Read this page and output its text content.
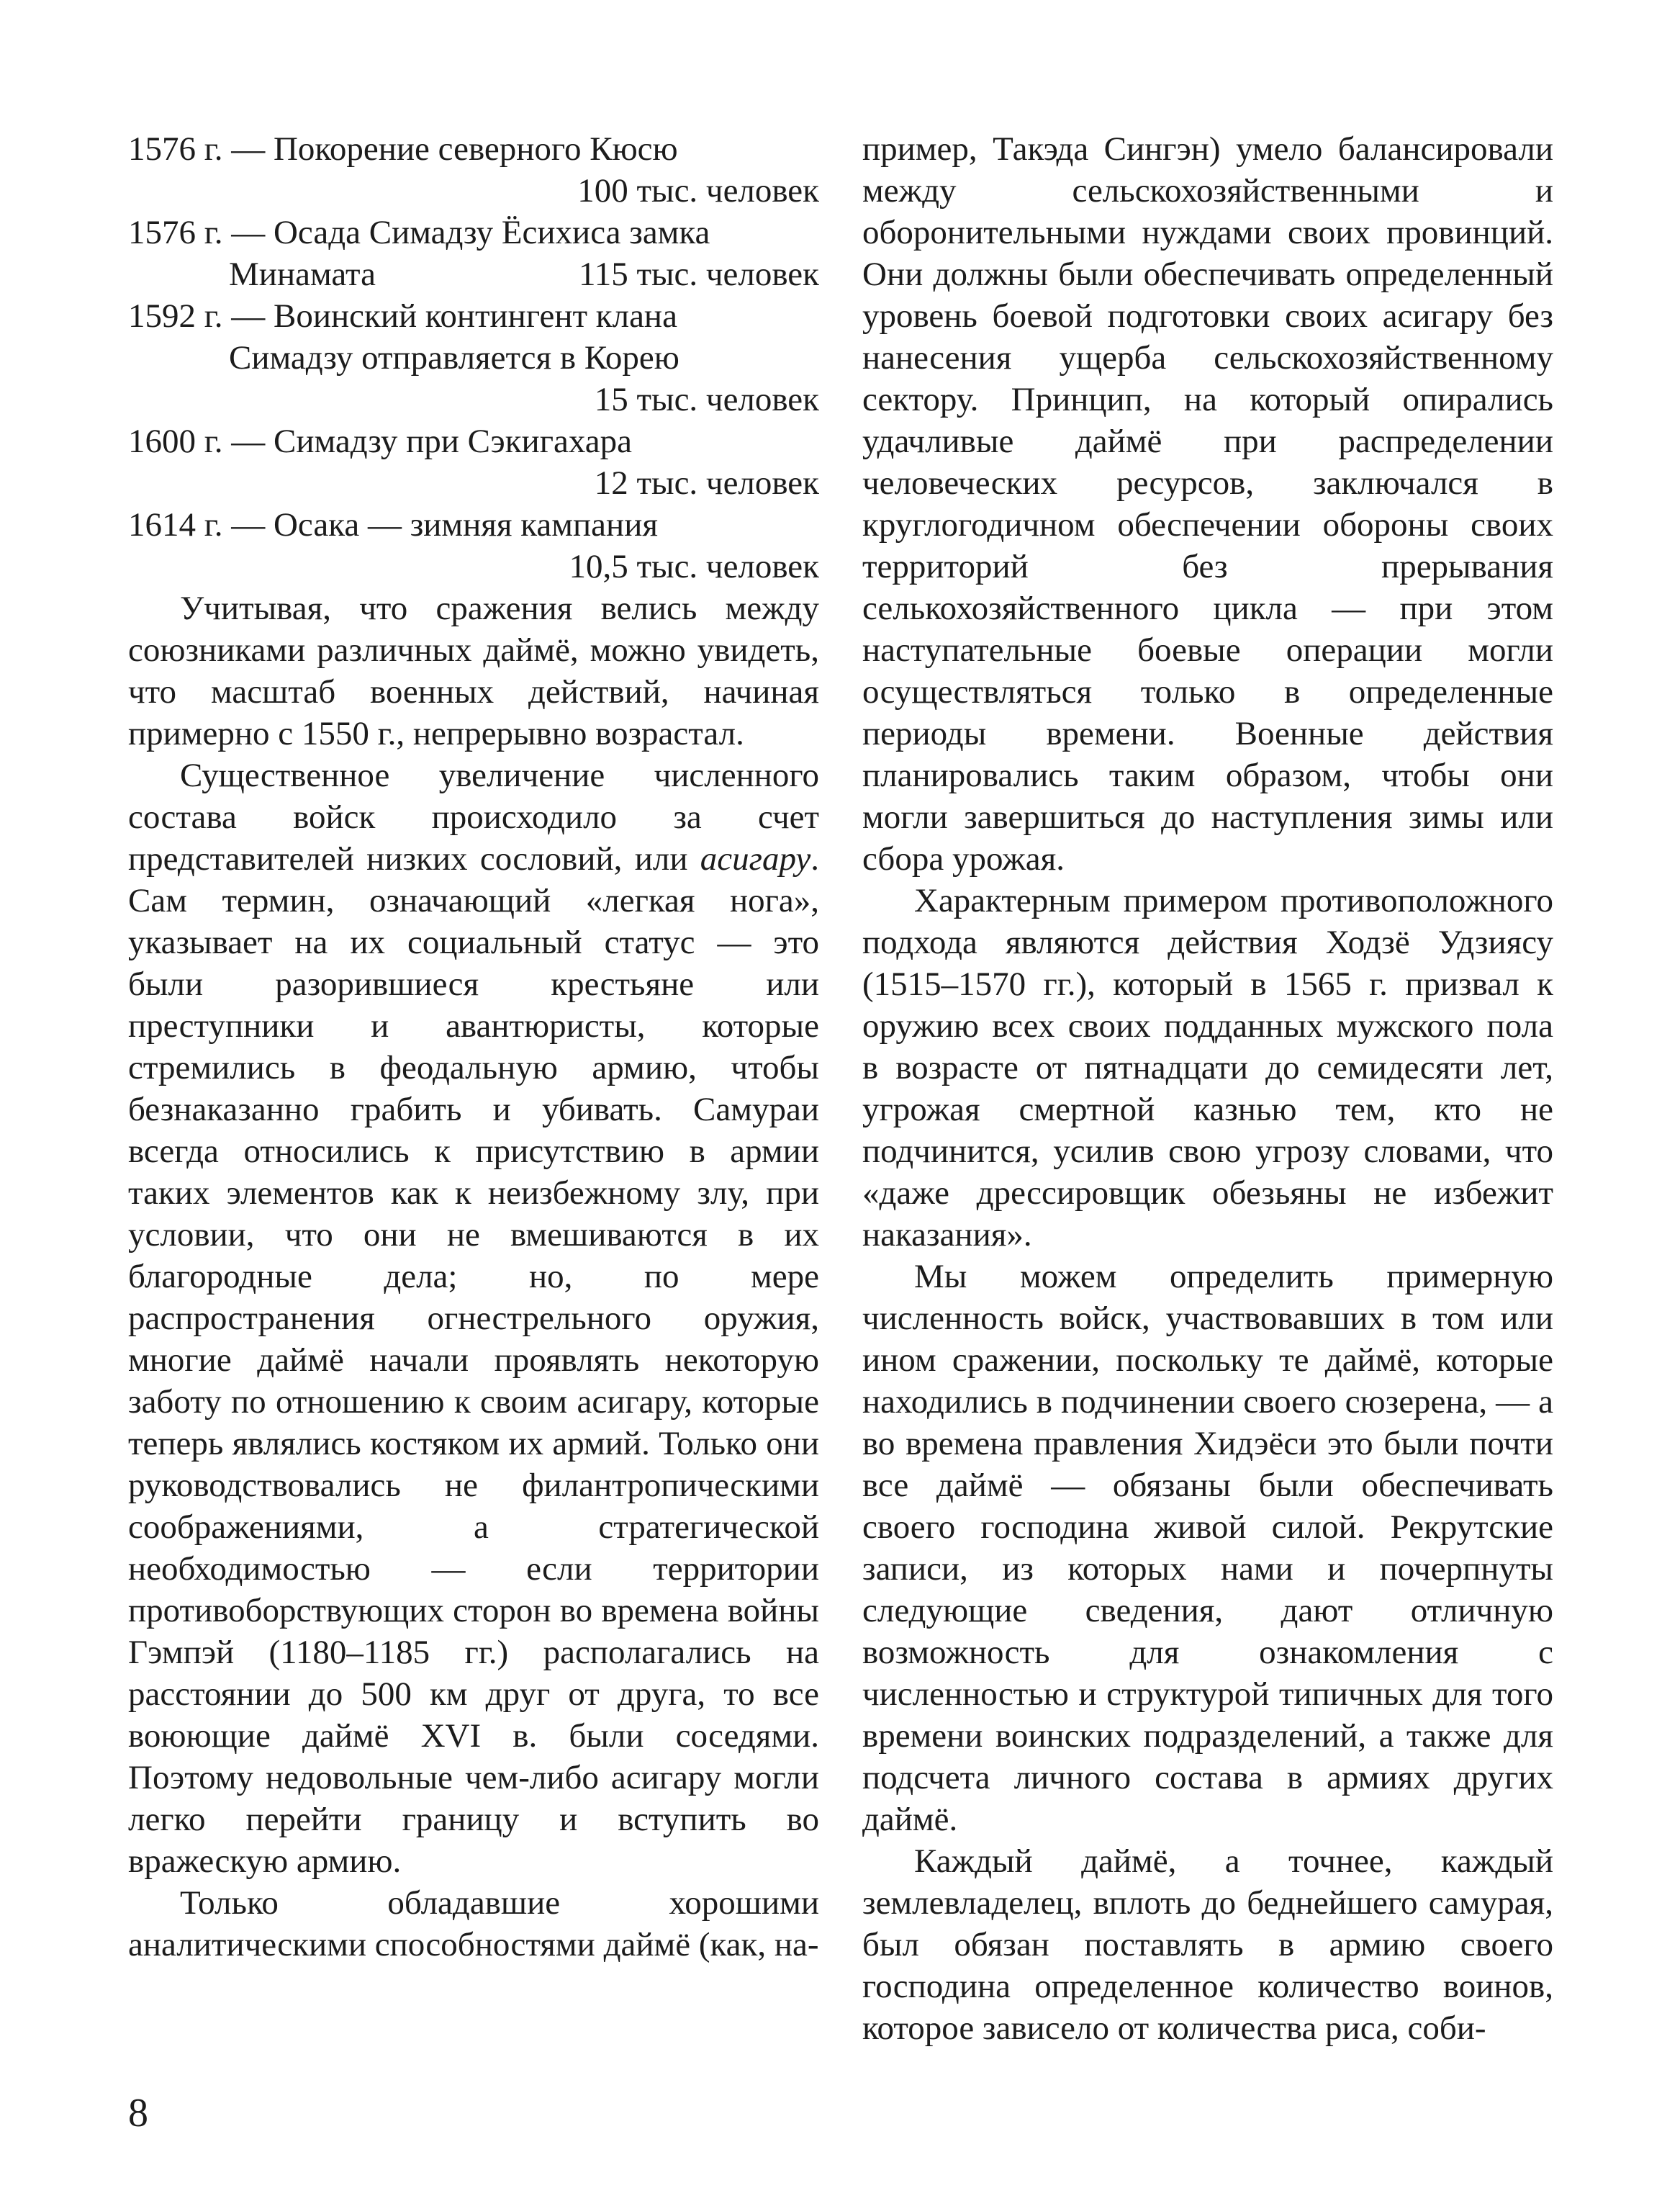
1576 г. — Покорение северного Кюсю
100 тыс. человек
1576 г. — Осада Симадзу Ёсихиса замка
Минамата	115 тыс. человек
1592 г. — Воинский контингент клана
Симадзу отправляется в Корею
15 тыс. человек
1600 г. — Симадзу при Сэкигахара
12 тыс. человек
1614 г. — Осака — зимняя кампания
10,5 тыс. человек

Учитывая, что сражения велись между союзниками различных даймё, можно увидеть, что масштаб военных действий, начиная примерно с 1550 г., непрерывно возрастал.

Существенное увеличение численного состава войск происходило за счет представителей низких сословий, или асигару. Сам термин, означающий «легкая нога», указывает на их социальный статус — это были разорившиеся крестьяне или преступники и авантюристы, которые стремились в феодальную армию, чтобы безнаказанно грабить и убивать. Самураи всегда относились к присутствию в армии таких элементов как к неизбежному злу, при условии, что они не вмешиваются в их благородные дела; но, по мере распространения огнестрельного оружия, многие даймё начали проявлять некоторую заботу по отношению к своим асигару, которые теперь являлись костяком их армий. Только они руководствовались не филантропическими соображениями, а стратегической необходимостью — если территории противоборствующих сторон во времена войны Гэмпэй (1180–1185 гг.) располагались на расстоянии до 500 км друг от друга, то все воюющие даймё XVI в. были соседями. Поэтому недовольные чем-либо асигару могли легко перейти границу и вступить во вражескую армию.

Только обладавшие хорошими аналитическими способностями даймё (как, на-

пример, Такэда Сингэн) умело балансировали между сельскохозяйственными и оборонительными нуждами своих провинций. Они должны были обеспечивать определенный уровень боевой подготовки своих асигару без нанесения ущерба сельскохозяйственному сектору. Принцип, на который опирались удачливые даймё при распределении человеческих ресурсов, заключался в круглогодичном обеспечении обороны своих территорий без прерывания селькохозяйственного цикла — при этом наступательные боевые операции могли осуществляться только в определенные периоды времени. Военные действия планировались таким образом, чтобы они могли завершиться до наступления зимы или сбора урожая.

Характерным примером противоположного подхода являются действия Ходзё Удзиясу (1515–1570 гг.), который в 1565 г. призвал к оружию всех своих подданных мужского пола в возрасте от пятнадцати до семидесяти лет, угрожая смертной казнью тем, кто не подчинится, усилив свою угрозу словами, что «даже дрессировщик обезьяны не избежит наказания».

Мы можем определить примерную численность войск, участвовавших в том или ином сражении, поскольку те даймё, которые находились в подчинении своего сюзерена, — а во времена правления Хидэёси это были почти все даймё — обязаны были обеспечивать своего господина живой силой. Рекрутские записи, из которых нами и почерпнуты следующие сведения, дают отличную возможность для ознакомления с численностью и структурой типичных для того времени воинских подразделений, а также для подсчета личного состава в армиях других даймё.

Каждый даймё, а точнее, каждый землевладелец, вплоть до беднейшего самурая, был обязан поставлять в армию своего господина определенное количество воинов, которое зависело от количества риса, соби-

8
